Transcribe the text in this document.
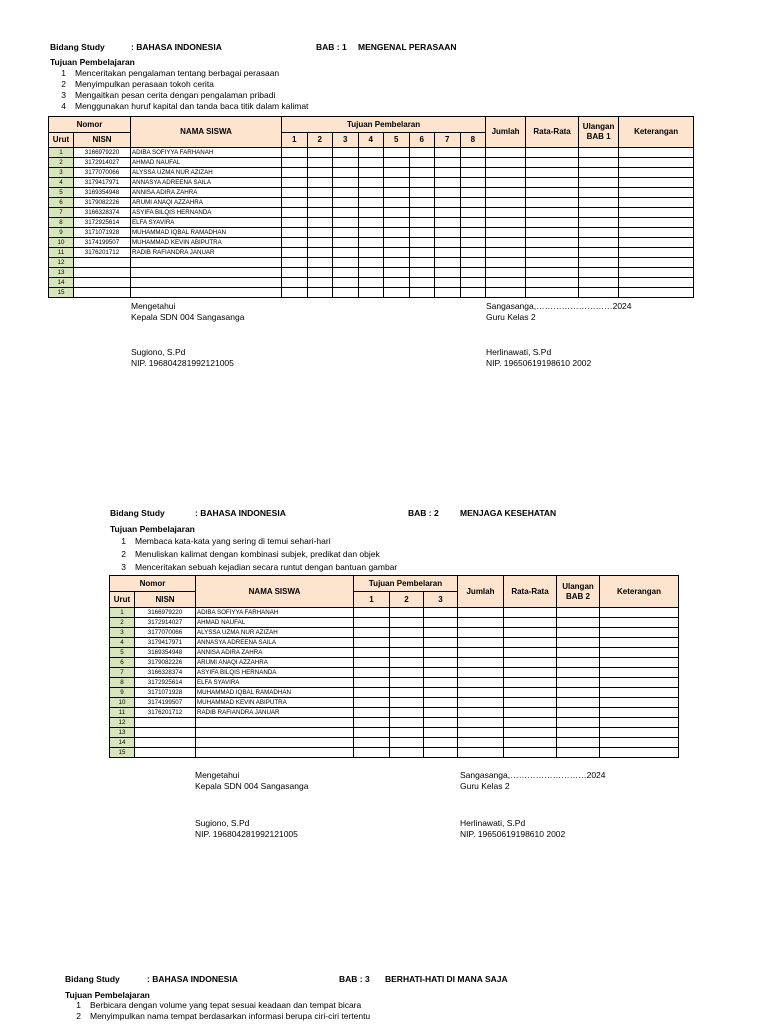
Bidang Study	: BAHASA INDONESIA	BAB : 1 MENGENAL PERASAAN
Tujuan Pembelajaran
1 Menceritakan pengalaman tentang berbagai perasaan
2 Menyimpulkan perasaan tokoh cerita
3 Mengaitkan pesan cerita dengan pengalaman pribadi
4 Menggunakan huruf kapital dan tanda baca titik dalam kalimat
Nomor		NAMA SISWA	Tujuan Pembelaran								Jumlah	Rata-Rata	Ulangan BAB 1	Keterangan
Urut	NISN		1	2	3	4	5	6	7	8				
1	3166979220	ADIBA SOFIYYA FARHANAH												
2	3172914027	AHMAD NAUFAL												
3	3177070066	ALYSSA UZMA NUR AZIZAH												
4	3179417971	ANNASYA ADREENA SAILA												
5	3169354948	ANNISA ADIRA ZAHRA												
6	3179082226	ARUMI ANAQI AZZAHRA												
7	3166328374	ASYIFA BILQIS HERNANDA												
8	3172925614	ELFA SYAVIRA												
9	3171071928	MUHAMMAD IQBAL RAMADHAN												
10	3174199507	MUHAMMAD KEVIN ABIPUTRA												
11	3176201712	RADIB RAFIANDRA JANUAR												
12														
13														
14														
15														
Mengetahui
Kepala SDN 004 Sangasanga
Sugiono, S.Pd
NIP. 196804281992121005
Sangasanga,………………………2024
Guru Kelas 2
Herlinawati, S.Pd
NIP. 19650619198610 2002
Bidang Study	: BAHASA INDONESIA	BAB : 2	MENJAGA KESEHATAN
Tujuan Pembelajaran
1 Membaca kata-kata yang sering di temui sehari-hari
2 Menuliskan kalimat dengan kombinasi subjek, predikat dan objek
3 Menceritakan sebuah kejadian secara runtut dengan bantuan gambar
Nomor		NAMA SISWA	Tujuan Pembelaran			Jumlah	Rata-Rata	Ulangan BAB 2	Keterangan
Urut	NISN		1	2	3				
1	3166979220	ADIBA SOFIYYA FARHANAH							
2	3172914027	AHMAD NAUFAL							
3	3177070066	ALYSSA UZMA NUR AZIZAH							
4	3179417971	ANNASYA ADREENA SAILA							
5	3169354948	ANNISA ADIRA ZAHRA							
6	3179082226	ARUMI ANAQI AZZAHRA							
7	3166328374	ASYIFA BILQIS HERNANDA							
8	3172925614	ELFA SYAVIRA							
9	3171071928	MUHAMMAD IQBAL RAMADHAN							
10	3174199507	MUHAMMAD KEVIN ABIPUTRA							
11	3176201712	RADIB RAFIANDRA JANUAR							
12									
13									
14									
15									
Mengetahui
Kepala SDN 004 Sangasanga
Sugiono, S.Pd
NIP. 196804281992121005
Sangasanga,………………………2024
Guru Kelas 2
Herlinawati, S.Pd
NIP. 19650619198610 2002
Bidang Study	: BAHASA INDONESIA	BAB : 3 BERHATI-HATI DI MANA SAJA
Tujuan Pembelajaran
1 Berbicara dengan volume yang tepat sesuai keadaan dan tempat bicara
2 Menyimpulkan nama tempat berdasarkan informasi berupa ciri-ciri tertentu
